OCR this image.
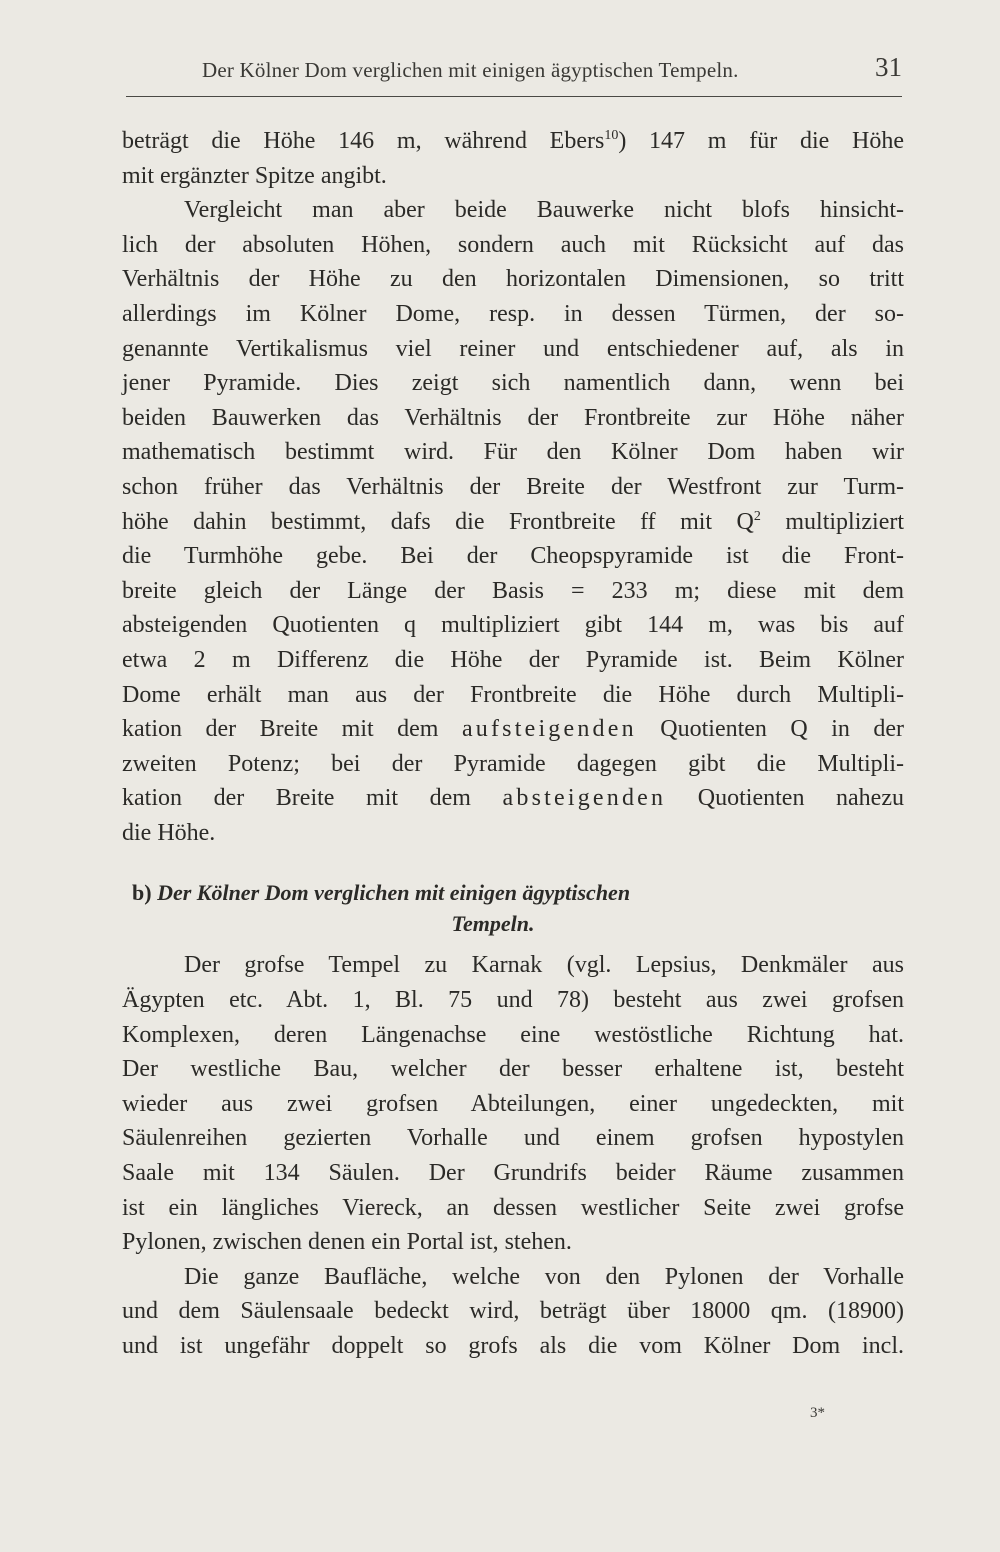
Der Kölner Dom verglichen mit einigen ägyptischen Tempeln.	31
beträgt die Höhe 146 m, während Ebers$^{10}$) 147 m für die Höhe
mit ergänzter Spitze angibt.
Vergleicht man aber beide Bauwerke nicht blofs hinsicht-
lich der absoluten Höhen, sondern auch mit Rücksicht auf das
Verhältnis der Höhe zu den horizontalen Dimensionen, so tritt
allerdings im Kölner Dome, resp. in dessen Türmen, der so-
genannte Vertikalismus viel reiner und entschiedener auf, als in
jener Pyramide. Dies zeigt sich namentlich dann, wenn bei
beiden Bauwerken das Verhältnis der Frontbreite zur Höhe näher
mathematisch bestimmt wird. Für den Kölner Dom haben wir
schon früher das Verhältnis der Breite der Westfront zur Turm-
höhe dahin bestimmt, dafs die Frontbreite ff mit $Q^2$ multipliziert
die Turmhöhe gebe. Bei der Cheopspyramide ist die Front-
breite gleich der Länge der Basis = 233 m; diese mit dem
absteigenden Quotienten q multipliziert gibt 144 m, was bis auf
etwa 2 m Differenz die Höhe der Pyramide ist. Beim Kölner
Dome erhält man aus der Frontbreite die Höhe durch Multipli-
kation der Breite mit dem aufsteigenden Quotienten Q in der
zweiten Potenz; bei der Pyramide dagegen gibt die Multipli-
kation der Breite mit dem absteigenden Quotienten nahezu
die Höhe.
b) Der Kölner Dom verglichen mit einigen ägyptischen
Tempeln.
Der grofse Tempel zu Karnak (vgl. Lepsius, Denkmäler aus
Ägypten etc. Abt. 1, Bl. 75 und 78) besteht aus zwei grofsen
Komplexen, deren Längenachse eine westöstliche Richtung hat.
Der westliche Bau, welcher der besser erhaltene ist, besteht
wieder aus zwei grofsen Abteilungen, einer ungedeckten, mit
Säulenreihen gezierten Vorhalle und einem grofsen hypostylen
Saale mit 134 Säulen. Der Grundrifs beider Räume zusammen
ist ein längliches Viereck, an dessen westlicher Seite zwei grofse
Pylonen, zwischen denen ein Portal ist, stehen.
Die ganze Baufläche, welche von den Pylonen der Vorhalle
und dem Säulensaale bedeckt wird, beträgt über 18000 qm. (18900)
und ist ungefähr doppelt so grofs als die vom Kölner Dom incl.
3*
